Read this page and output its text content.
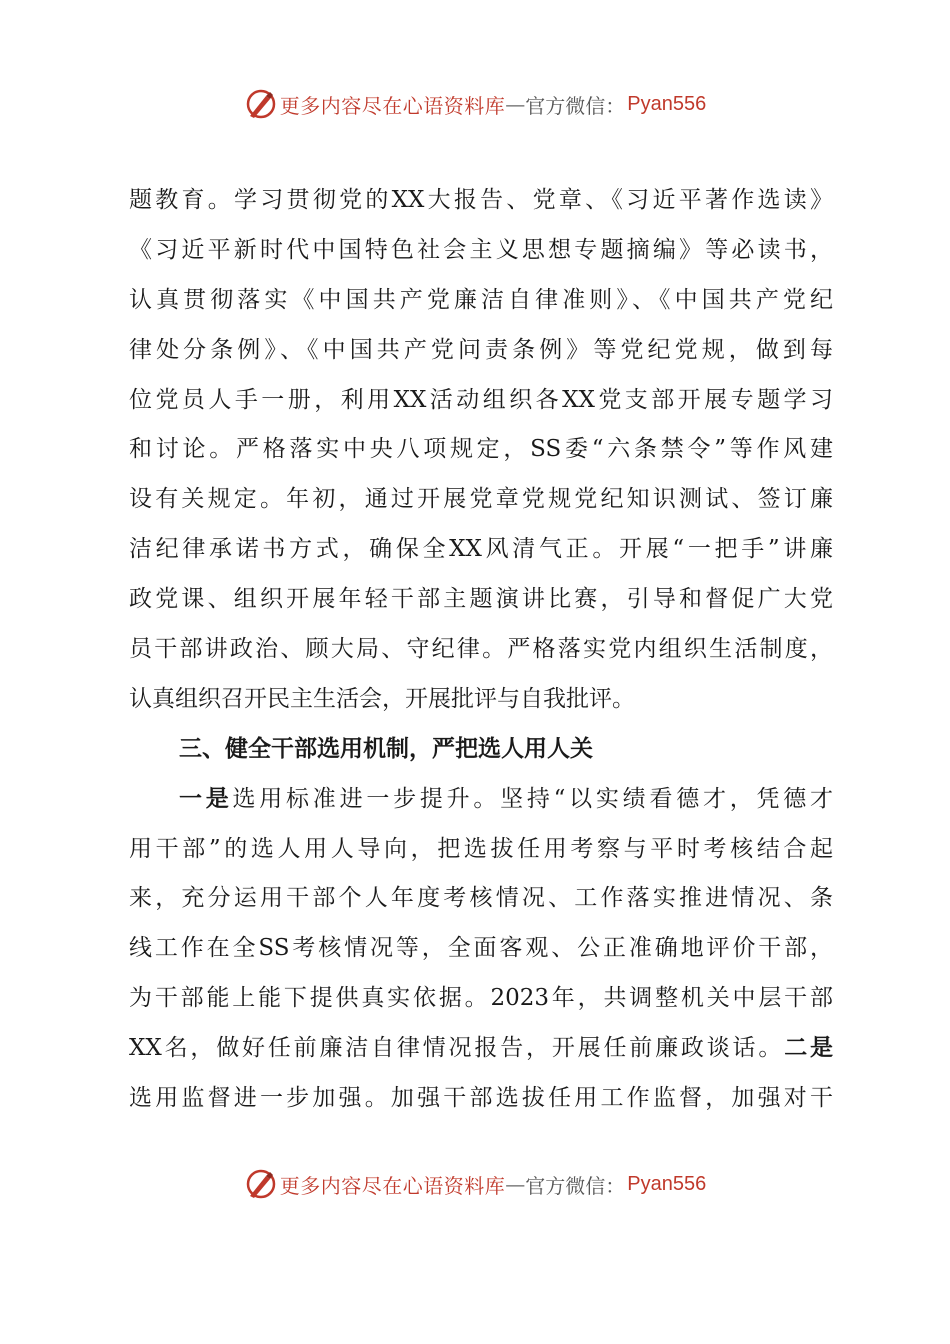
更多内容尽在心语资料库 — 官方微信： Pyan556
题教育。学习贯彻党的XX大报告、党章、《习近平著作选读》
《习近平新时代中国特色社会主义思想专题摘编》等必读书，
认真贯彻落实《中国共产党廉洁自律准则》、《中国共产党纪
律处分条例》、《中国共产党问责条例》等党纪党规，做到每
位党员人手一册，利用XX活动组织各XX党支部开展专题学习
和讨论。严格落实中央八项规定，SS委“六条禁令”等作风建
设有关规定。年初，通过开展党章党规党纪知识测试、签订廉
洁纪律承诺书方式，确保全XX风清气正。开展“一把手”讲廉
政党课、组织开展年轻干部主题演讲比赛，引导和督促广大党
员干部讲政治、顾大局、守纪律。严格落实党内组织生活制度，
认真组织召开民主生活会，开展批评与自我批评。
三、健全干部选用机制，严把选人用人关
一是选用标准进一步提升。坚持“以实绩看德才，凭德才
用干部”的选人用人导向，把选拔任用考察与平时考核结合起
来，充分运用干部个人年度考核情况、工作落实推进情况、条
线工作在全SS考核情况等，全面客观、公正准确地评价干部，
为干部能上能下提供真实依据。2023年，共调整机关中层干部
XX名，做好任前廉洁自律情况报告，开展任前廉政谈话。二是
选用监督进一步加强。加强干部选拔任用工作监督，加强对干
更多内容尽在心语资料库 — 官方微信： Pyan556
